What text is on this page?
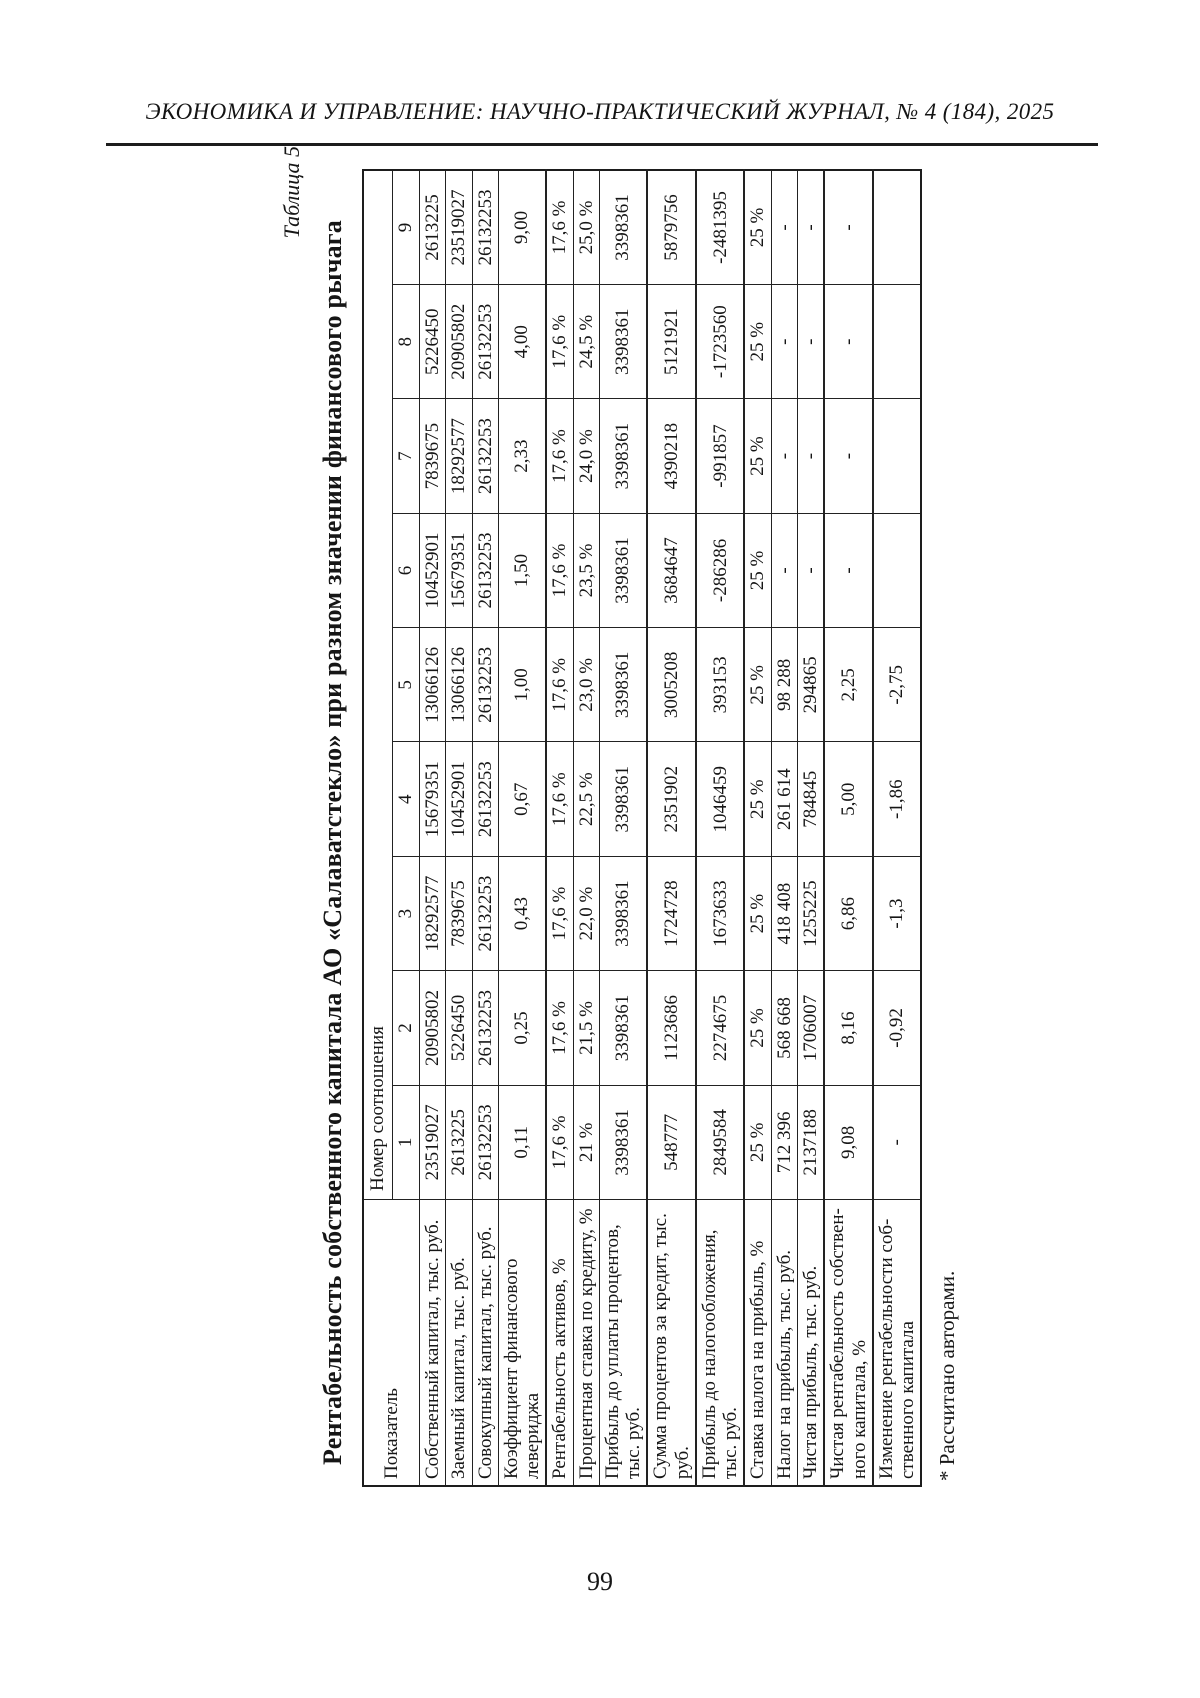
ЭКОНОМИКА И УПРАВЛЕНИЕ: НАУЧНО-ПРАКТИЧЕСКИЙ ЖУРНАЛ, № 4 (184), 2025
Таблица 5
Рентабельность собственного капитала АО «Салаватстекло» при разном значении финансового рычага Показатель	Номер соотношения								
	1	2	3	4	5	6	7	8	9
Собственный капитал, тыс. руб.	23519027	20905802	18292577	15679351	13066126	10452901	7839675	5226450	2613225
Заемный капитал, тыс. руб.	2613225	5226450	7839675	10452901	13066126	15679351	18292577	20905802	23519027
Совокупный капитал, тыс. руб.	26132253	26132253	26132253	26132253	26132253	26132253	26132253	26132253	26132253
Коэффициент финансового
левериджа	0,11	0,25	0,43	0,67	1,00	1,50	2,33	4,00	9,00
Рентабельность активов, %	17,6 %	17,6 %	17,6 %	17,6 %	17,6 %	17,6 %	17,6 %	17,6 %	17,6 %
Процентная ставка по кредиту, %	21 %	21,5 %	22,0 %	22,5 %	23,0 %	23,5 %	24,0 %	24,5 %	25,0 %
Прибыль до уплаты процентов,
тыс. руб.	3398361	3398361	3398361	3398361	3398361	3398361	3398361	3398361	3398361
Сумма процентов за кредит, тыс.
руб.	548777	1123686	1724728	2351902	3005208	3684647	4390218	5121921	5879756
Прибыль до налогообложения,
тыс. руб.	2849584	2274675	1673633	1046459	393153	-286286	-991857	-1723560	-2481395
Ставка налога на прибыль, %	25 %	25 %	25 %	25 %	25 %	25 %	25 %	25 %	25 %
Налог на прибыль, тыс. руб.	712 396	568 668	418 408	261 614	98 288	-	-	-	-
Чистая прибыль, тыс. руб.	2137188	1706007	1255225	784845	294865	-	-	-	-
Чистая рентабельность собствен-
ного капитала, %	9,08	8,16	6,86	5,00	2,25	-	-	-	-
Изменение рентабельности соб-
ственного капитала	-	-0,92	-1,3	-1,86	-2,75				
* Рассчитано авторами.
99
